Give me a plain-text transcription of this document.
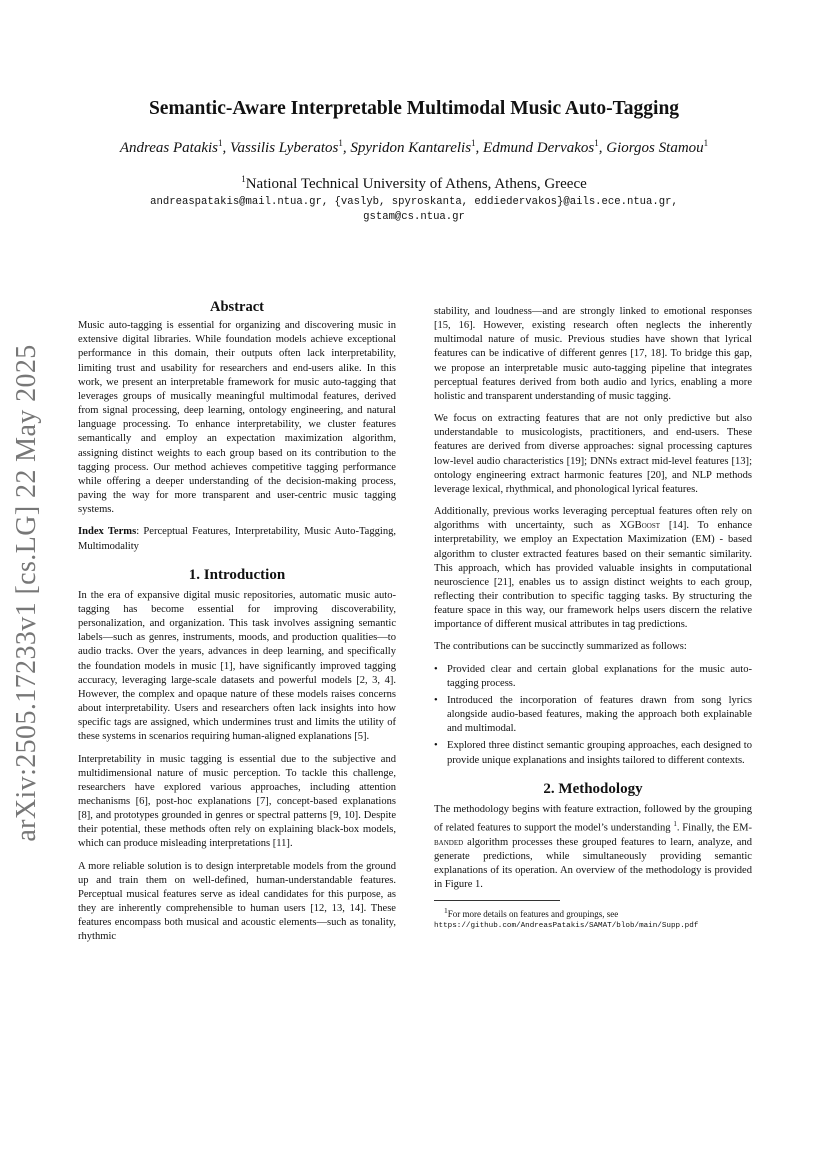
arXiv:2505.17233v1 [cs.LG] 22 May 2025
Semantic-Aware Interpretable Multimodal Music Auto-Tagging
Andreas Patakis$^1$, Vassilis Lyberatos$^1$, Spyridon Kantarelis$^1$, Edmund Dervakos$^1$, Giorgos Stamou$^1$
$^1$National Technical University of Athens, Athens, Greece
andreaspatakis@mail.ntua.gr, {vaslyb, spyroskanta, eddiedervakos}@ails.ece.ntua.gr,
gstam@cs.ntua.gr
Abstract

Music auto-tagging is essential for organizing and discovering music in extensive digital libraries. While foundation models achieve exceptional performance in this domain, their outputs often lack interpretability, limiting trust and usability for researchers and end-users alike. In this work, we present an interpretable framework for music auto-tagging that leverages groups of musically meaningful multimodal features, derived from signal processing, deep learning, ontology engineering, and natural language processing. To enhance interpretability, we cluster features semantically and employ an expectation maximization algorithm, assigning distinct weights to each group based on its contribution to the tagging process. Our method achieves competitive tagging performance while offering a deeper understanding of the decision-making process, paving the way for more transparent and user-centric music tagging systems.

Index Terms: Perceptual Features, Interpretability, Music Auto-Tagging, Multimodality

1. Introduction

In the era of expansive digital music repositories, automatic music auto-tagging has become essential for improving discoverability, personalization, and organization. This task involves assigning semantic labels—such as genres, instruments, moods, and production qualities—to audio tracks. Over the years, advances in deep learning, and specifically the foundation models in music [1], have significantly improved tagging accuracy, leveraging large-scale datasets and powerful models [2, 3, 4]. However, the complex and opaque nature of these models raises concerns about interpretability. Users and researchers often lack insights into how specific tags are assigned, which undermines trust and limits the utility of these systems in scenarios requiring human-aligned explanations [5].

Interpretability in music tagging is essential due to the subjective and multidimensional nature of music perception. To tackle this challenge, researchers have explored various approaches, including attention mechanisms [6], post-hoc explanations [7], concept-based explanations [8], and prototypes grounded in genres or spectral patterns [9, 10]. Despite their potential, these methods often rely on explaining black-box models, which can produce misleading interpretations [11].

A more reliable solution is to design interpretable models from the ground up and train them on well-defined, human-understandable features. Perceptual musical features serve as ideal candidates for this purpose, as they are inherently comprehensible to human users [12, 13, 14]. These features encompass both musical and acoustic elements—such as tonality, rhythmic

stability, and loudness—and are strongly linked to emotional responses [15, 16]. However, existing research often neglects the inherently multimodal nature of music. Previous studies have shown that lyrical features can be indicative of different genres [17, 18]. To bridge this gap, we propose an interpretable music auto-tagging pipeline that integrates perceptual features derived from both audio and lyrics, enabling a more holistic and transparent understanding of music tagging.

We focus on extracting features that are not only predictive but also understandable to musicologists, practitioners, and end-users. These features are derived from diverse approaches: signal processing captures low-level audio characteristics [19]; DNNs extract mid-level features [13]; ontology engineering extract harmonic features [20], and NLP methods leverage lexical, rhythmical, and phonological lyrical features.

Additionally, previous works leveraging perceptual features often rely on algorithms with uncertainty, such as XGBoost [14]. To enhance interpretability, we employ an Expectation Maximization (EM) - based algorithm to cluster extracted features based on their semantic similarity. This approach, which has provided valuable insights in computational neuroscience [21], enables us to assign distinct weights to each group, reflecting their contribution to specific tagging tasks. By structuring the feature space in this way, our framework helps users discern the relative importance of different musical attributes in tag predictions.

The contributions can be succinctly summarized as follows:

• Provided clear and certain global explanations for the music auto-tagging process.
• Introduced the incorporation of features drawn from song lyrics alongside audio-based features, making the approach both explainable and multimodal.
• Explored three distinct semantic grouping approaches, each designed to provide unique explanations and insights tailored to different contexts.
2. Methodology

The methodology begins with feature extraction, followed by the grouping of related features to support the model’s understanding $^1$. Finally, the EM-banded algorithm processes these grouped features to learn, analyze, and generate predictions, while simultaneously providing semantic explanations of its operation. An overview of the methodology is provided in Figure 1.

$^1$For more details on features and groupings, see
https://github.com/AndreasPatakis/SAMAT/blob/main/Supp.pdf
